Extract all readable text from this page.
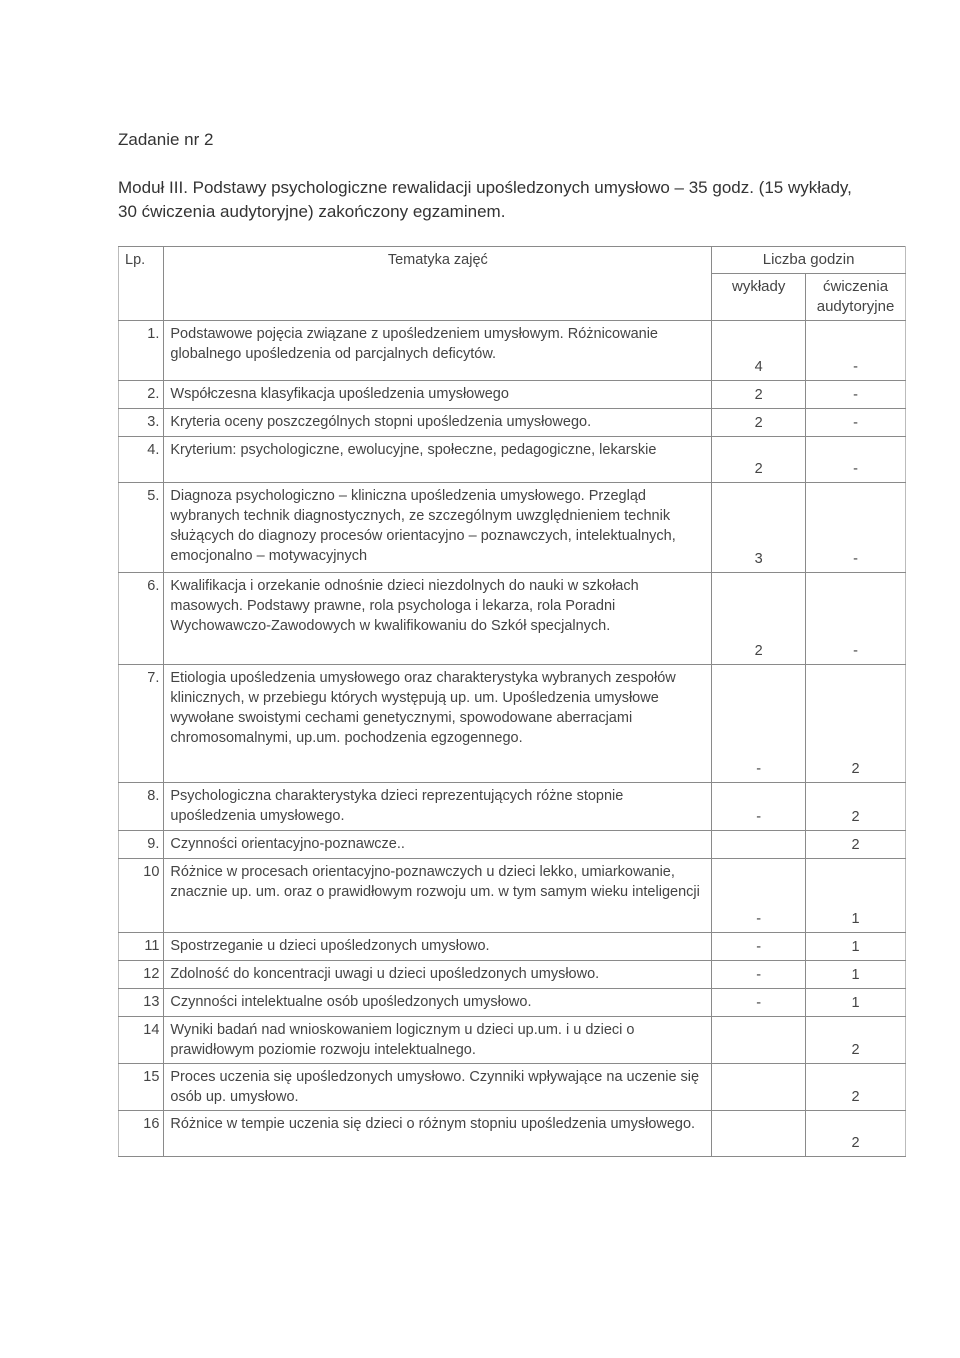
Zadanie nr 2
Moduł III. Podstawy psychologiczne rewalidacji upośledzonych umysłowo – 35 godz. (15 wykłady, 30 ćwiczenia audytoryjne) zakończony egzaminem.
Lp.	Tematyka zajęć	Liczba godzin	
		wykłady	ćwiczenia audytoryjne
1.	Podstawowe pojęcia związane z upośledzeniem umysłowym. Różnicowanie globalnego upośledzenia od parcjalnych deficytów.	4	-
2.	Współczesna klasyfikacja upośledzenia umysłowego	2	-
3.	Kryteria oceny poszczególnych stopni upośledzenia umysłowego.	2	-
4.	Kryterium: psychologiczne, ewolucyjne, społeczne, pedagogiczne, lekarskie	2	-
5.	Diagnoza psychologiczno – kliniczna upośledzenia umysłowego. Przegląd wybranych technik diagnostycznych, ze szczególnym uwzględnieniem technik służących do diagnozy procesów orientacyjno – poznawczych, intelektualnych, emocjonalno – motywacyjnych	3	-
6.	Kwalifikacja i orzekanie odnośnie dzieci niezdolnych do nauki w szkołach masowych. Podstawy prawne, rola psychologa i lekarza, rola Poradni Wychowawczo-Zawodowych w kwalifikowaniu do Szkół specjalnych.	2	-
7.	Etiologia upośledzenia umysłowego oraz charakterystyka wybranych zespołów klinicznych, w przebiegu których występują up. um. Upośledzenia umysłowe wywołane swoistymi cechami genetycznymi, spowodowane aberracjami chromosomalnymi, up.um. pochodzenia egzogennego.	-	2
8.	Psychologiczna charakterystyka dzieci reprezentujących różne stopnie upośledzenia umysłowego.	-	2
9.	Czynności orientacyjno-poznawcze..		2
10	Różnice w procesach orientacyjno-poznawczych u dzieci lekko, umiarkowanie, znacznie up. um. oraz o prawidłowym rozwoju um. w tym samym wieku inteligencji	-	1
11	Spostrzeganie u dzieci upośledzonych umysłowo.	-	1
12	Zdolność do koncentracji uwagi u dzieci upośledzonych umysłowo.	-	1
13	Czynności intelektualne osób upośledzonych umysłowo.	-	1
14	Wyniki badań nad wnioskowaniem logicznym u dzieci up.um. i u dzieci o prawidłowym poziomie rozwoju intelektualnego.		2
15	Proces uczenia się upośledzonych umysłowo. Czynniki wpływające na uczenie się osób up. umysłowo.		2
16	Różnice w tempie uczenia się dzieci o różnym stopniu upośledzenia umysłowego.		2
